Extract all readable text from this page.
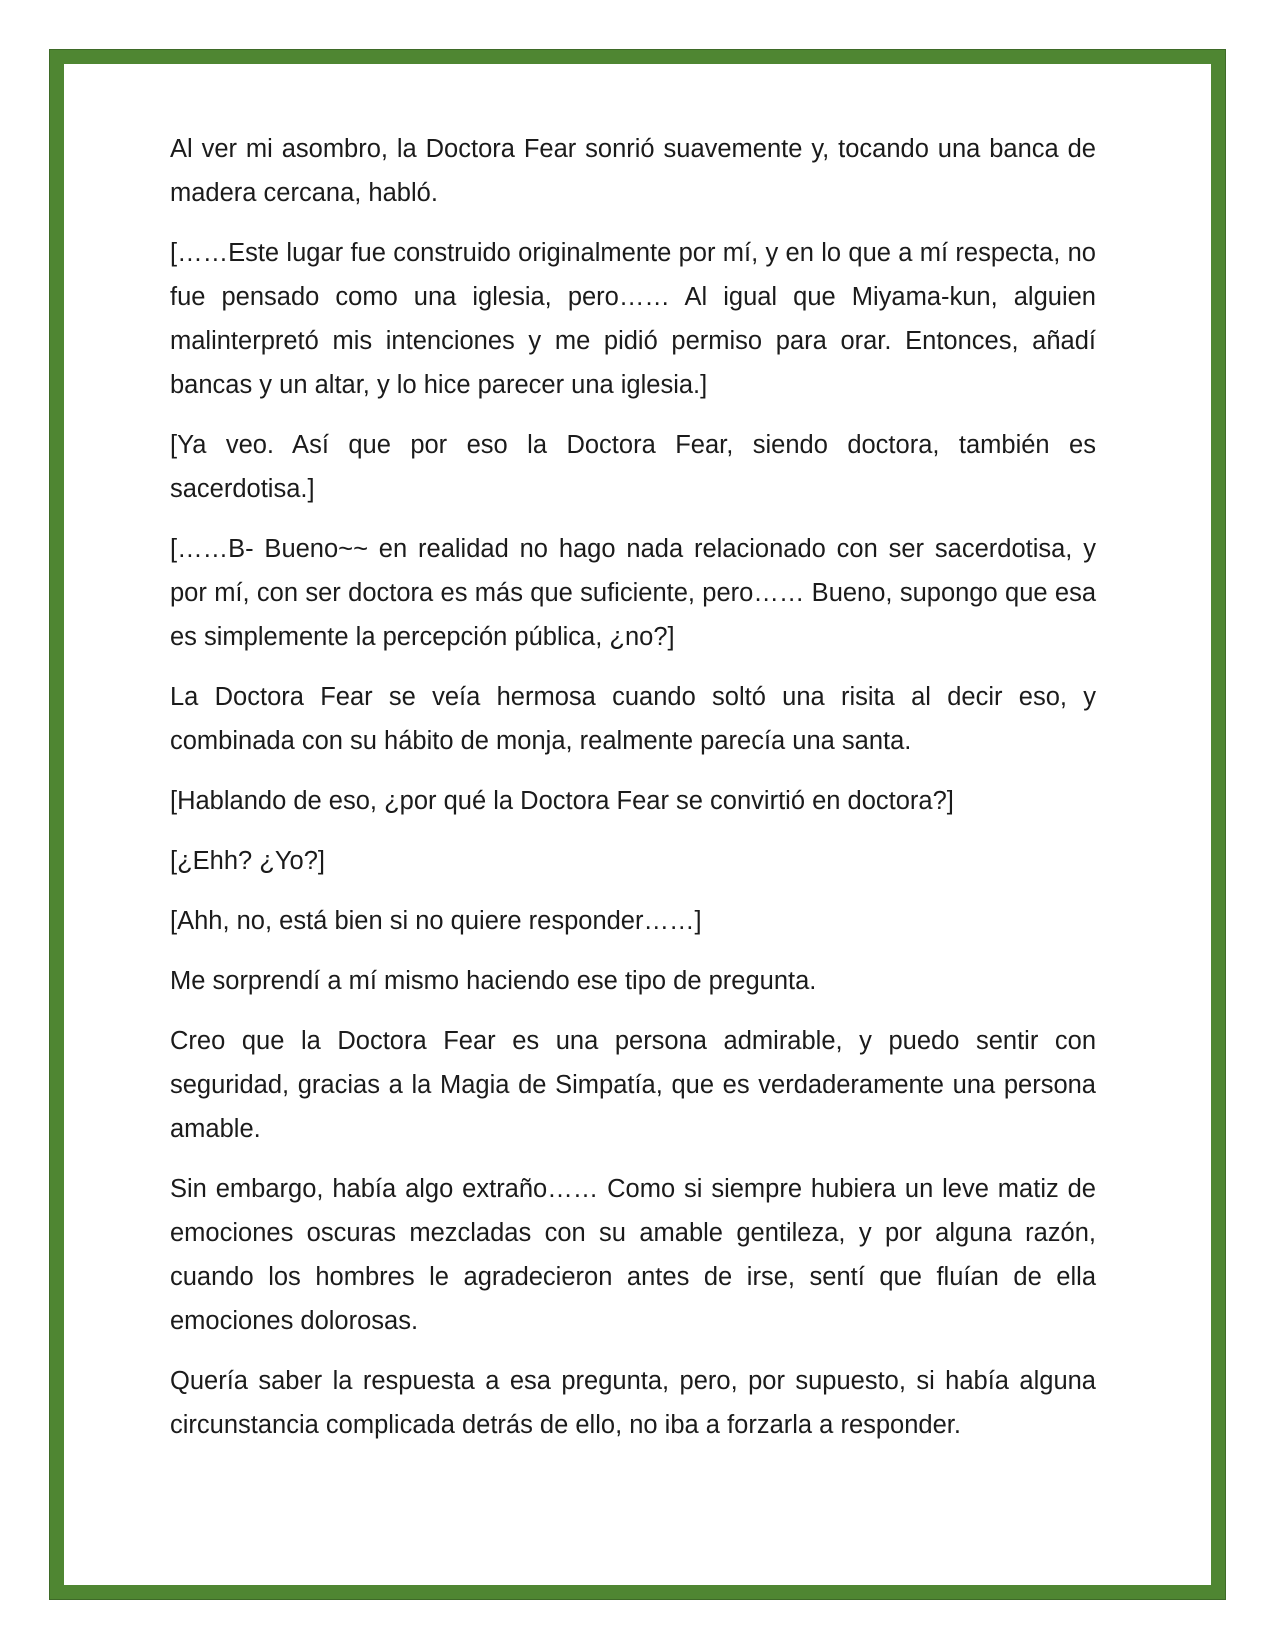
Al ver mi asombro, la Doctora Fear sonrió suavemente y, tocando una banca de madera cercana, habló.

[……Este lugar fue construido originalmente por mí, y en lo que a mí respecta, no fue pensado como una iglesia, pero…… Al igual que Miyama-kun, alguien malinterpretó mis intenciones y me pidió permiso para orar. Entonces, añadí bancas y un altar, y lo hice parecer una iglesia.]

[Ya veo. Así que por eso la Doctora Fear, siendo doctora, también es sacerdotisa.]

[……B- Bueno~~ en realidad no hago nada relacionado con ser sacerdotisa, y por mí, con ser doctora es más que suficiente, pero…… Bueno, supongo que esa es simplemente la percepción pública, ¿no?]

La Doctora Fear se veía hermosa cuando soltó una risita al decir eso, y combinada con su hábito de monja, realmente parecía una santa.

[Hablando de eso, ¿por qué la Doctora Fear se convirtió en doctora?]

[¿Ehh? ¿Yo?]

[Ahh, no, está bien si no quiere responder……]

Me sorprendí a mí mismo haciendo ese tipo de pregunta.

Creo que la Doctora Fear es una persona admirable, y puedo sentir con seguridad, gracias a la Magia de Simpatía, que es verdaderamente una persona amable.

Sin embargo, había algo extraño…… Como si siempre hubiera un leve matiz de emociones oscuras mezcladas con su amable gentileza, y por alguna razón, cuando los hombres le agradecieron antes de irse, sentí que fluían de ella emociones dolorosas.

Quería saber la respuesta a esa pregunta, pero, por supuesto, si había alguna circunstancia complicada detrás de ello, no iba a forzarla a responder.
